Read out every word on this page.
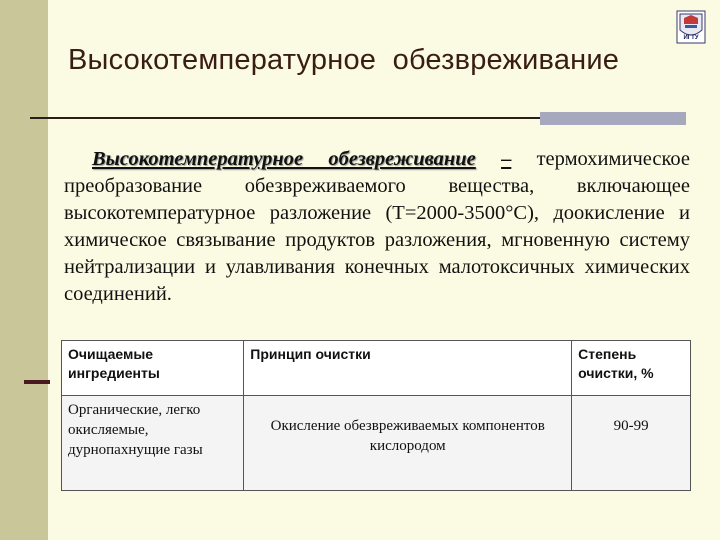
ИГТУ
Высокотемпературное  обезвреживание
Высокотемпературное обезвреживание – термохимическое преобразование обезвреживаемого вещества, включающее высокотемпературное разложение (Т=2000-3500°С), доокисление и химическое связывание продуктов разложения, мгновенную систему нейтрализации и улавливания конечных малотоксичных химических соединений.
Очищаемые ингредиенты	Принцип очистки	Степень очистки, %
Органические, легко окисляемые, дурнопахнущие газы	Окисление обезвреживаемых компонентов кислородом	90-99
